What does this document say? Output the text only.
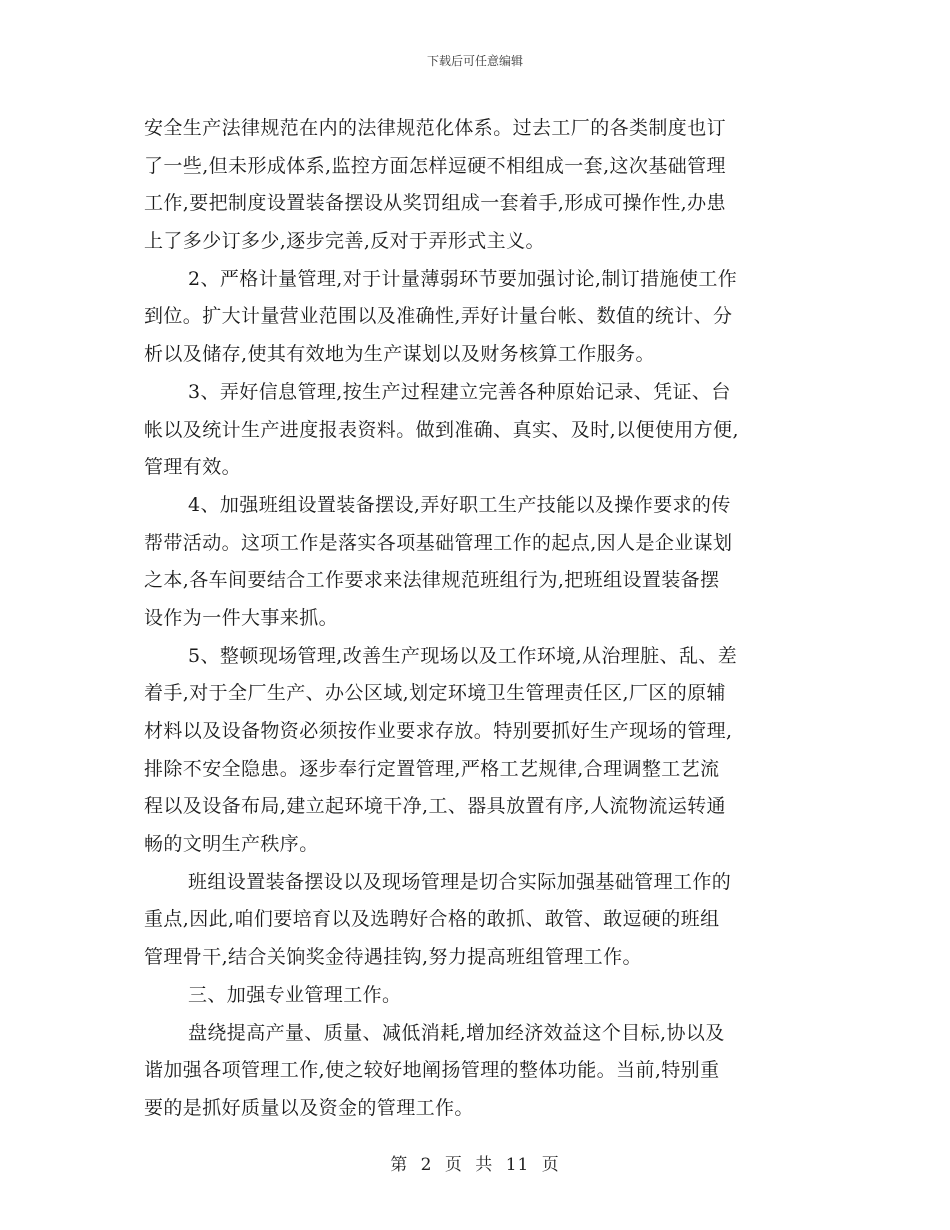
下载后可任意编辑
安全生产法律规范在内的法律规范化体系。过去工厂的各类制度也订
了一些,但未形成体系,监控方面怎样逗硬不相组成一套,这次基础管理
工作,要把制度设置装备摆设从奖罚组成一套着手,形成可操作性,办患
上了多少订多少,逐步完善,反对于弄形式主义。
2、严格计量管理,对于计量薄弱环节要加强讨论,制订措施使工作
到位。扩大计量营业范围以及准确性,弄好计量台帐、数值的统计、分
析以及储存,使其有效地为生产谋划以及财务核算工作服务。
3、弄好信息管理,按生产过程建立完善各种原始记录、凭证、台
帐以及统计生产进度报表资料。做到准确、真实、及时,以便使用方便,
管理有效。
4、加强班组设置装备摆设,弄好职工生产技能以及操作要求的传
帮带活动。这项工作是落实各项基础管理工作的起点,因人是企业谋划
之本,各车间要结合工作要求来法律规范班组行为,把班组设置装备摆
设作为一件大事来抓。
5、整顿现场管理,改善生产现场以及工作环境,从治理脏、乱、差
着手,对于全厂生产、办公区域,划定环境卫生管理责任区,厂区的原辅
材料以及设备物资必须按作业要求存放。特别要抓好生产现场的管理,
排除不安全隐患。逐步奉行定置管理,严格工艺规律,合理调整工艺流
程以及设备布局,建立起环境干净,工、器具放置有序,人流物流运转通
畅的文明生产秩序。
班组设置装备摆设以及现场管理是切合实际加强基础管理工作的
重点,因此,咱们要培育以及选聘好合格的敢抓、敢管、敢逗硬的班组
管理骨干,结合关饷奖金待遇挂钩,努力提高班组管理工作。
三、加强专业管理工作。
盘绕提高产量、质量、减低消耗,增加经济效益这个目标,协以及
谐加强各项管理工作,使之较好地阐扬管理的整体功能。当前,特别重
要的是抓好质量以及资金的管理工作。
第 2 页 共 11 页
